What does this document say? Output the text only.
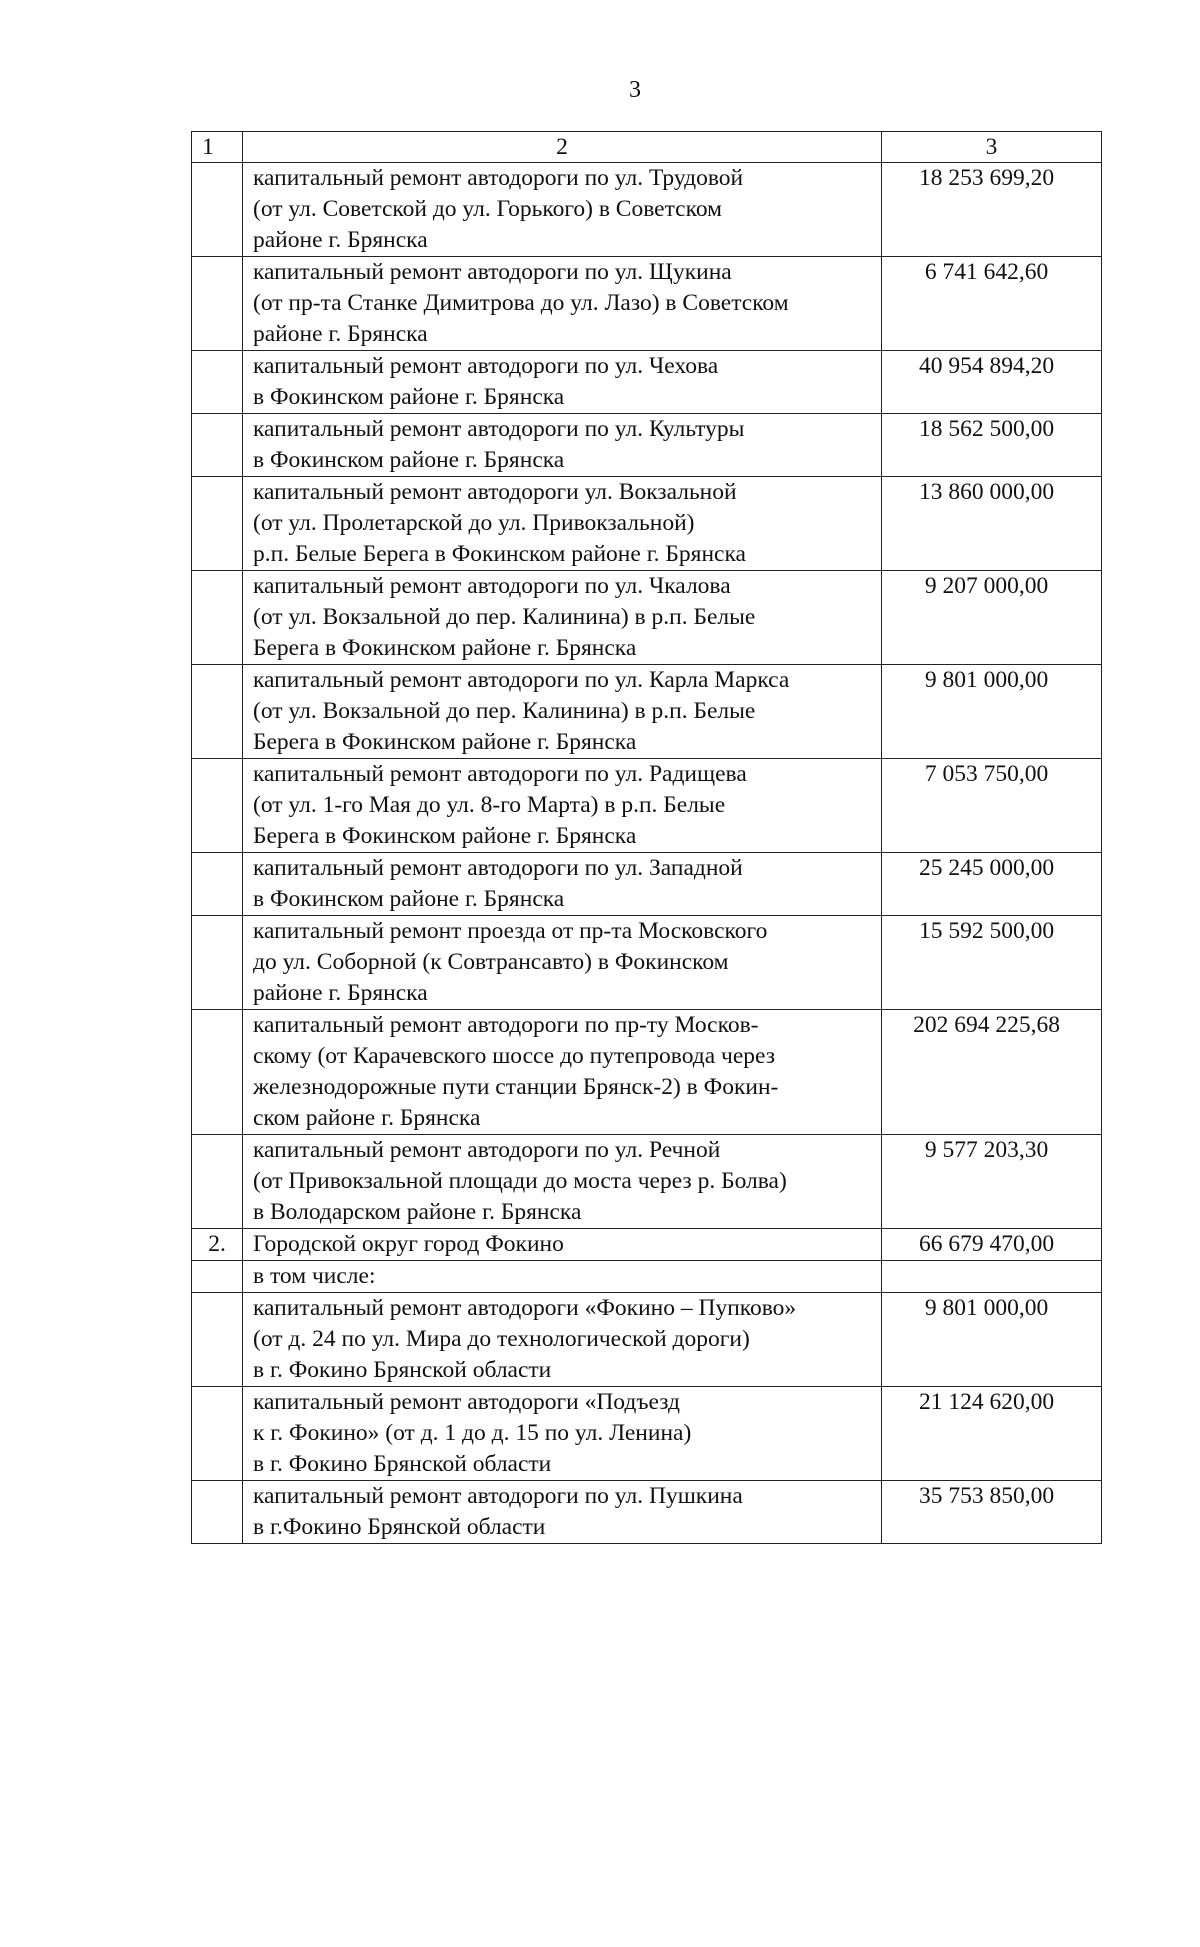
3
1	2	3
	капитальный ремонт автодороги по ул. Трудовой
(от ул. Советской до ул. Горького) в Советском
районе г. Брянска	18 253 699,20
	капитальный ремонт автодороги по ул. Щукина
(от пр-та Станке Димитрова до ул. Лазо) в Советском
районе г. Брянска	6 741 642,60
	капитальный ремонт автодороги по ул. Чехова
в Фокинском районе г. Брянска	40 954 894,20
	капитальный ремонт автодороги по ул. Культуры
в Фокинском районе г. Брянска	18 562 500,00
	капитальный ремонт автодороги ул. Вокзальной
(от ул. Пролетарской до ул. Привокзальной)
р.п. Белые Берега в Фокинском районе г. Брянска	13 860 000,00
	капитальный ремонт автодороги по ул. Чкалова
(от ул. Вокзальной до пер. Калинина) в р.п. Белые
Берега в Фокинском районе г. Брянска	9 207 000,00
	капитальный ремонт автодороги по ул. Карла Маркса
(от ул. Вокзальной до пер. Калинина) в р.п. Белые
Берега в Фокинском районе г. Брянска	9 801 000,00
	капитальный ремонт автодороги по ул. Радищева
(от ул. 1-го Мая до ул. 8-го Марта) в р.п. Белые
Берега в Фокинском районе г. Брянска	7 053 750,00
	капитальный ремонт автодороги по ул. Западной
в Фокинском районе г. Брянска	25 245 000,00
	капитальный ремонт проезда от пр-та Московского
до ул. Соборной (к Совтрансавто) в Фокинском
районе г. Брянска	15 592 500,00
	капитальный ремонт автодороги по пр-ту Москов-
скому (от Карачевского шоссе до путепровода через
железнодорожные пути станции Брянск-2) в Фокин-
ском районе г. Брянска	202 694 225,68
	капитальный ремонт автодороги по ул. Речной
(от Привокзальной площади до моста через р. Болва)
в Володарском районе г. Брянска	9 577 203,30
2.	Городской округ город Фокино	66 679 470,00
	в том числе:	
	капитальный ремонт автодороги «Фокино – Пупково»
(от д. 24 по ул. Мира до технологической дороги)
в г. Фокино Брянской области	9 801 000,00
	капитальный ремонт автодороги «Подъезд
к г. Фокино» (от д. 1 до д. 15 по ул. Ленина)
в г. Фокино Брянской области	21 124 620,00
	капитальный ремонт автодороги по ул. Пушкина
в г.Фокино Брянской области	35 753 850,00
